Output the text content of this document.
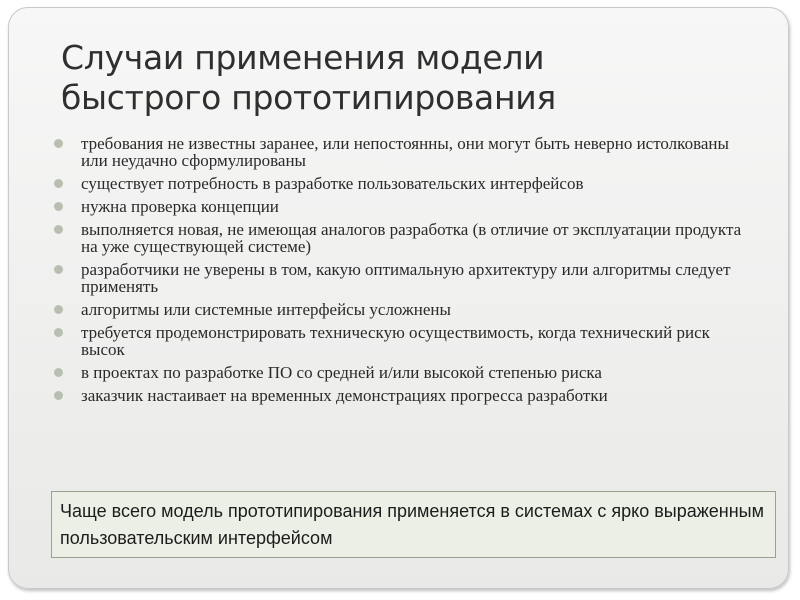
Случаи применения модели
быстрого прототипирования
требования не известны заранее, или непостоянны, они могут быть неверно истолкованы или неудачно сформулированы
существует потребность в разработке пользовательских интерфейсов
нужна проверка концепции
выполняется новая, не имеющая аналогов разработка (в отличие от эксплуатации продукта на уже существующей системе)
разработчики не уверены в том, какую оптимальную архитектуру или алгоритмы следует применять
алгоритмы или системные интерфейсы усложнены
требуется продемонстрировать техническую осуществимость, когда технический риск высок
в проектах по разработке ПО со средней и/или высокой степенью риска
заказчик настаивает на временных демонстрациях прогресса разработки
Чаще всего модель прототипирования применяется в системах с ярко выраженным пользовательским интерфейсом
